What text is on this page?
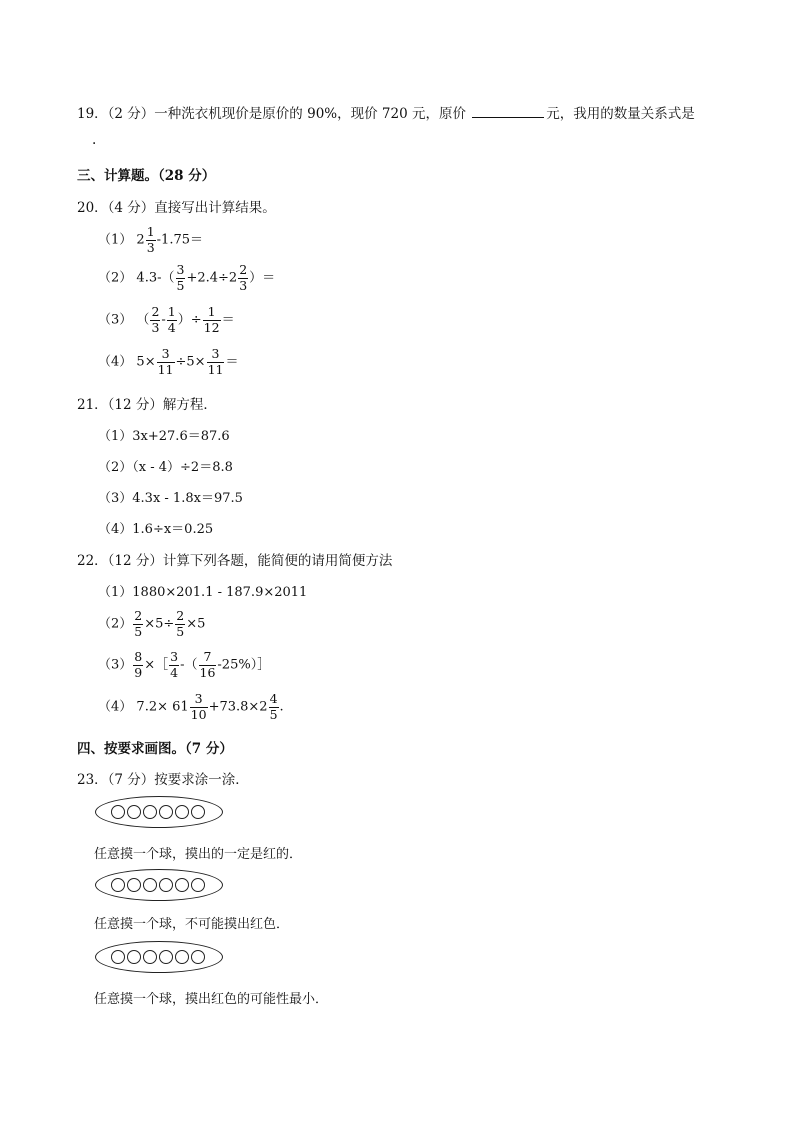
19．（2 分）一种洗衣机现价是原价的 90%，现价 720 元，原价	元，我用的数量关系式是
.
三、计算题。（28 分）
20．（4 分）直接写出计算结果。
（1） $2 \frac{1}{3} -1.75=$
（2） $4.3-( \frac{3}{5} +2.4\div 2 \frac{2}{3}$ ）＝
（3） （ $\frac{2}{3} - \frac{1}{4}$ ）÷ $\frac{1}{12}$ ＝
（4） $5\times \frac{3}{11} \div 5\times \frac{3}{11}$ ＝
21．（12 分）解方程．
（1）3x+27.6＝87.6
（2）（x - 4）÷2＝8.8
（3）4.3x - 1.8x＝97.5
（4）1.6÷x＝0.25
22．（12 分）计算下列各题，能简便的请用简便方法
（1）1880×201.1 - 187.9×2011
$(2) \frac{2}{5} \times 5\div \frac{2}{5} \times 5$
$(3) \frac{8}{9}$ ×［ $\frac{3}{4}$ -（ $\frac{7}{16}$ -25%）］
（4） $7.2\times 61 \frac{3}{10} +73.8\times 2 \frac{4}{5}$ .
四、按要求画图。（7 分）
23．（7 分）按要求涂一涂．
任意摸一个球，摸出的一定是红的．
任意摸一个球，不可能摸出红色．
任意摸一个球，摸出红色的可能性最小．
